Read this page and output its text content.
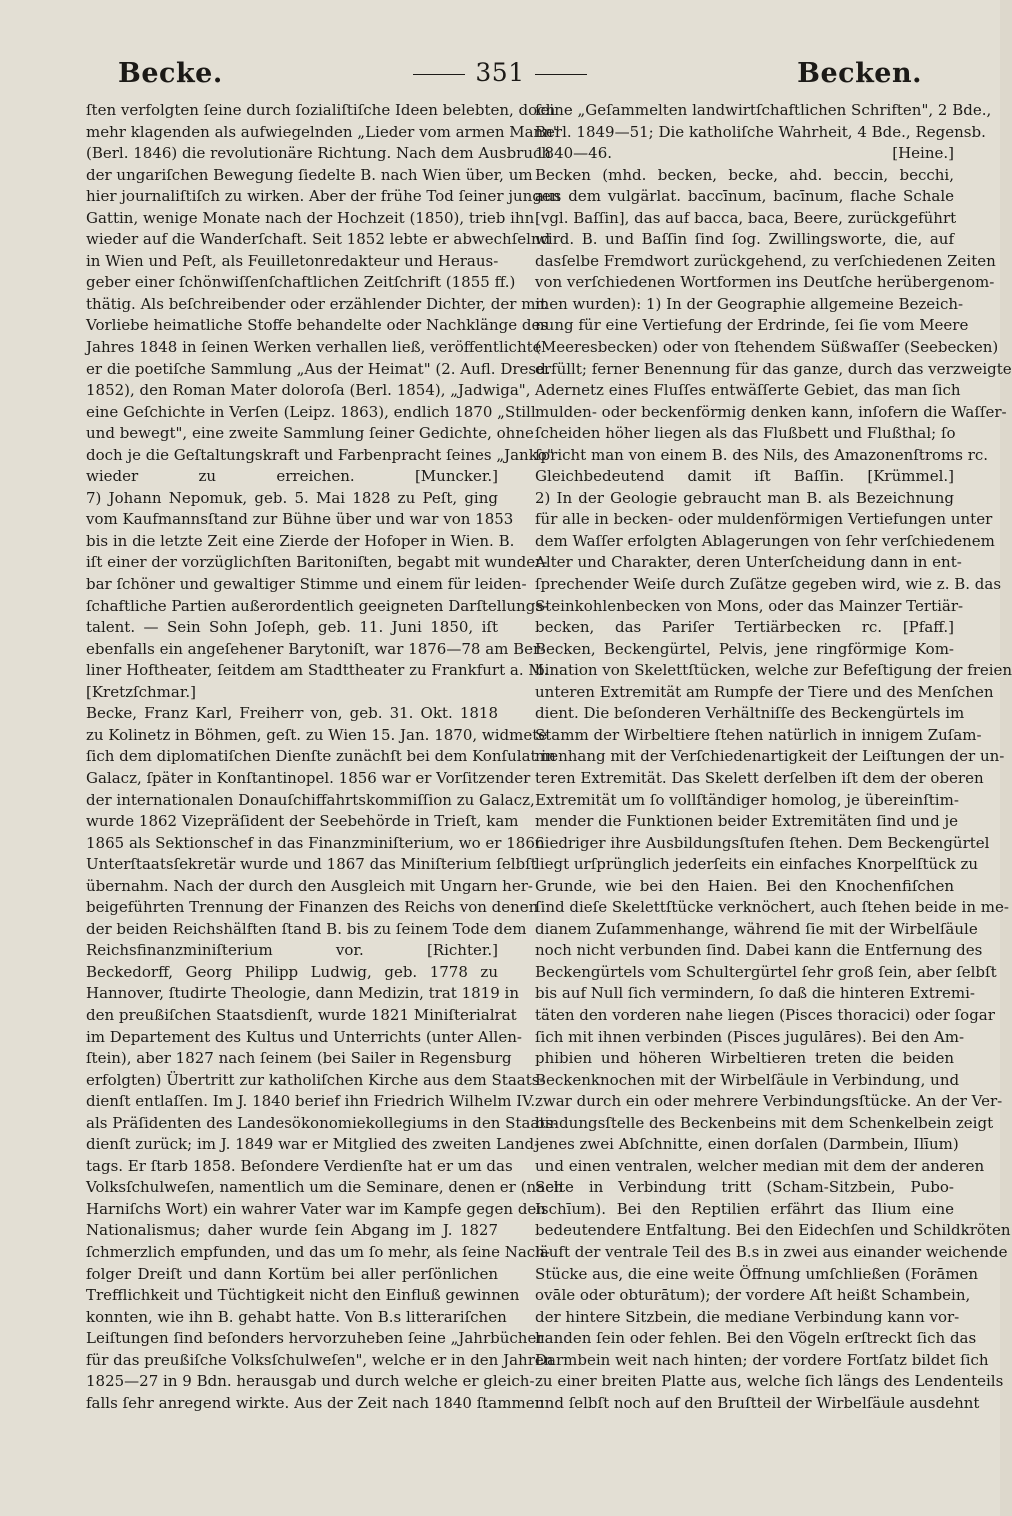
Becke.	351	Becken.
ſten verfolgten ſeine durch ſozialiſtiſche Ideen belebten, doch
mehr klagenden als aufwiegelnden „Lieder vom armen Mann"
(Berl. 1846) die revolutionäre Richtung. Nach dem Ausbruch
der ungariſchen Bewegung ſiedelte B. nach Wien über, um
hier journaliſtiſch zu wirken. Aber der frühe Tod ſeiner jungen
Gattin, wenige Monate nach der Hochzeit (1850), trieb ihn
wieder auf die Wanderſchaft. Seit 1852 lebte er abwechſelnd
in Wien und Peſt, als Feuilletonredakteur und Heraus-
geber einer ſchönwiſſenſchaftlichen Zeitſchrift (1855 ff.)
thätig. Als beſchreibender oder erzählender Dichter, der mit
Vorliebe heimatliche Stoffe behandelte oder Nachklänge des
Jahres 1848 in ſeinen Werken verhallen ließ, veröffentlichte
er die poetiſche Sammlung „Aus der Heimat" (2. Aufl. Dresd.
1852), den Roman Mater doloroſa (Berl. 1854), „Jadwiga",
eine Geſchichte in Verſen (Leipz. 1863), endlich 1870 „Still
und bewegt", eine zweite Sammlung ſeiner Gedichte, ohne
doch je die Geſtaltungskraft und Farbenpracht ſeines „Janko"
wieder zu erreichen. [Muncker.]
7) Johann Nepomuk, geb. 5. Mai 1828 zu Peſt, ging
vom Kaufmannsſtand zur Bühne über und war von 1853
bis in die letzte Zeit eine Zierde der Hofoper in Wien. B.
iſt einer der vorzüglichſten Baritoniſten, begabt mit wunder-
bar ſchöner und gewaltiger Stimme und einem für leiden-
ſchaftliche Partien außerordentlich geeigneten Darſtellungs-
talent. — Sein Sohn Joſeph, geb. 11. Juni 1850, iſt
ebenfalls ein angeſehener Barytoniſt, war 1876—78 am Ber-
liner Hoftheater, ſeitdem am Stadttheater zu Frankfurt a. M.
[Kretzſchmar.]
Becke, Franz Karl, Freiherr von, geb. 31. Okt. 1818
zu Kolinetz in Böhmen, geſt. zu Wien 15. Jan. 1870, widmete
ſich dem diplomatiſchen Dienſte zunächſt bei dem Konſulat in
Galacz, ſpäter in Konſtantinopel. 1856 war er Vorſitzender
der internationalen Donauſchiffahrtskommiſſion zu Galacz,
wurde 1862 Vizepräſident der Seebehörde in Trieſt, kam
1865 als Sektionschef in das Finanzminiſterium, wo er 1866
Unterſtaatsſekretär wurde und 1867 das Miniſterium ſelbſt
übernahm. Nach der durch den Ausgleich mit Ungarn her-
beigeführten Trennung der Finanzen des Reichs von denen
der beiden Reichshälften ſtand B. bis zu ſeinem Tode dem
Reichsfinanzminiſterium vor. [Richter.]
Beckedorff, Georg Philipp Ludwig, geb. 1778 zu
Hannover, ſtudirte Theologie, dann Medizin, trat 1819 in
den preußiſchen Staatsdienſt, wurde 1821 Miniſterialrat
im Departement des Kultus und Unterrichts (unter Allen-
ſtein), aber 1827 nach ſeinem (bei Sailer in Regensburg
erfolgten) Übertritt zur katholiſchen Kirche aus dem Staats-
dienſt entlaſſen. Im J. 1840 berief ihn Friedrich Wilhelm IV.
als Präſidenten des Landesökonomiekollegiums in den Staats-
dienſt zurück; im J. 1849 war er Mitglied des zweiten Land-
tags. Er ſtarb 1858. Beſondere Verdienſte hat er um das
Volksſchulweſen, namentlich um die Seminare, denen er (nach
Harniſchs Wort) ein wahrer Vater war im Kampfe gegen den
Nationalismus; daher wurde ſein Abgang im J. 1827
ſchmerzlich empfunden, und das um ſo mehr, als ſeine Nach-
folger Dreiſt und dann Kortüm bei aller perſönlichen
Trefflichkeit und Tüchtigkeit nicht den Einfluß gewinnen
konnten, wie ihn B. gehabt hatte. Von B.s litterariſchen
Leiſtungen ſind beſonders hervorzuheben ſeine „Jahrbücher
für das preußiſche Volksſchulweſen", welche er in den Jahren
1825—27 in 9 Bdn. herausgab und durch welche er gleich-
falls ſehr anregend wirkte. Aus der Zeit nach 1840 ſtammen
ſeine „Geſammelten landwirtſchaftlichen Schriften", 2 Bde.,
Berl. 1849—51; Die katholiſche Wahrheit, 4 Bde., Regensb.
1840—46. [Heine.]
Becken (mhd. becken, becke, ahd. beccin, becchi,
aus dem vulgärlat. baccīnum, bacīnum, flache Schale
[vgl. Baſſin], das auf bacca, baca, Beere, zurückgeführt
wird. B. und Baſſin ſind ſog. Zwillingsworte, die, auf
dasſelbe Fremdwort zurückgehend, zu verſchiedenen Zeiten
von verſchiedenen Wortformen ins Deutſche herübergenom-
men wurden): 1) In der Geographie allgemeine Bezeich-
nung für eine Vertiefung der Erdrinde, ſei ſie vom Meere
(Meeresbecken) oder von ſtehendem Süßwaſſer (Seebecken)
erfüllt; ferner Benennung für das ganze, durch das verzweigte
Adernetz eines Fluſſes entwäſſerte Gebiet, das man ſich
mulden- oder beckenförmig denken kann, inſofern die Waſſer-
ſcheiden höher liegen als das Flußbett und Flußthal; ſo
ſpricht man von einem B. des Nils, des Amazonenſtroms rc.
Gleichbedeutend damit iſt Baſſin. [Krümmel.]
2) In der Geologie gebraucht man B. als Bezeichnung
für alle in becken- oder muldenförmigen Vertiefungen unter
dem Waſſer erfolgten Ablagerungen von ſehr verſchiedenem
Alter und Charakter, deren Unterſcheidung dann in ent-
ſprechender Weiſe durch Zuſätze gegeben wird, wie z. B. das
Steinkohlenbecken von Mons, oder das Mainzer Tertiär-
becken, das Pariſer Tertiärbecken rc. [Pfaff.]
Becken, Beckengürtel, Pelvis, jene ringförmige Kom-
bination von Skelettſtücken, welche zur Befeſtigung der freien
unteren Extremität am Rumpfe der Tiere und des Menſchen
dient. Die beſonderen Verhältniſſe des Beckengürtels im
Stamm der Wirbeltiere ſtehen natürlich in innigem Zuſam-
menhang mit der Verſchiedenartigkeit der Leiſtungen der un-
teren Extremität. Das Skelett derſelben iſt dem der oberen
Extremität um ſo vollſtändiger homolog, je übereinſtim-
mender die Funktionen beider Extremitäten ſind und je
niedriger ihre Ausbildungsſtufen ſtehen. Dem Beckengürtel
liegt urſprünglich jederſeits ein einfaches Knorpelſtück zu
Grunde, wie bei den Haien. Bei den Knochenfiſchen
ſind dieſe Skelettſtücke verknöchert, auch ſtehen beide in me-
dianem Zuſammenhange, während ſie mit der Wirbelſäule
noch nicht verbunden ſind. Dabei kann die Entfernung des
Beckengürtels vom Schultergürtel ſehr groß ſein, aber ſelbſt
bis auf Null ſich vermindern, ſo daß die hinteren Extremi-
täten den vorderen nahe liegen (Pisces thoracici) oder ſogar
ſich mit ihnen verbinden (Pisces jugulāres). Bei den Am-
phibien und höheren Wirbeltieren treten die beiden
Beckenknochen mit der Wirbelſäule in Verbindung, und
zwar durch ein oder mehrere Verbindungsſtücke. An der Ver-
bindungsſtelle des Beckenbeins mit dem Schenkelbein zeigt
jenes zwei Abſchnitte, einen dorſalen (Darmbein, Ilīum)
und einen ventralen, welcher median mit dem der anderen
Seite in Verbindung tritt (Scham-Sitzbein, Pubo-
Ischīum). Bei den Reptilien erfährt das Ilium eine
bedeutendere Entfaltung. Bei den Eidechſen und Schildkröten
läuft der ventrale Teil des B.s in zwei aus einander weichende
Stücke aus, die eine weite Öffnung umſchließen (Forāmen
ovāle oder obturātum); der vordere Aſt heißt Schambein,
der hintere Sitzbein, die mediane Verbindung kann vor-
handen ſein oder fehlen. Bei den Vögeln erſtreckt ſich das
Darmbein weit nach hinten; der vordere Fortſatz bildet ſich
zu einer breiten Platte aus, welche ſich längs des Lendenteils
und ſelbſt noch auf den Bruſtteil der Wirbelſäule ausdehnt
